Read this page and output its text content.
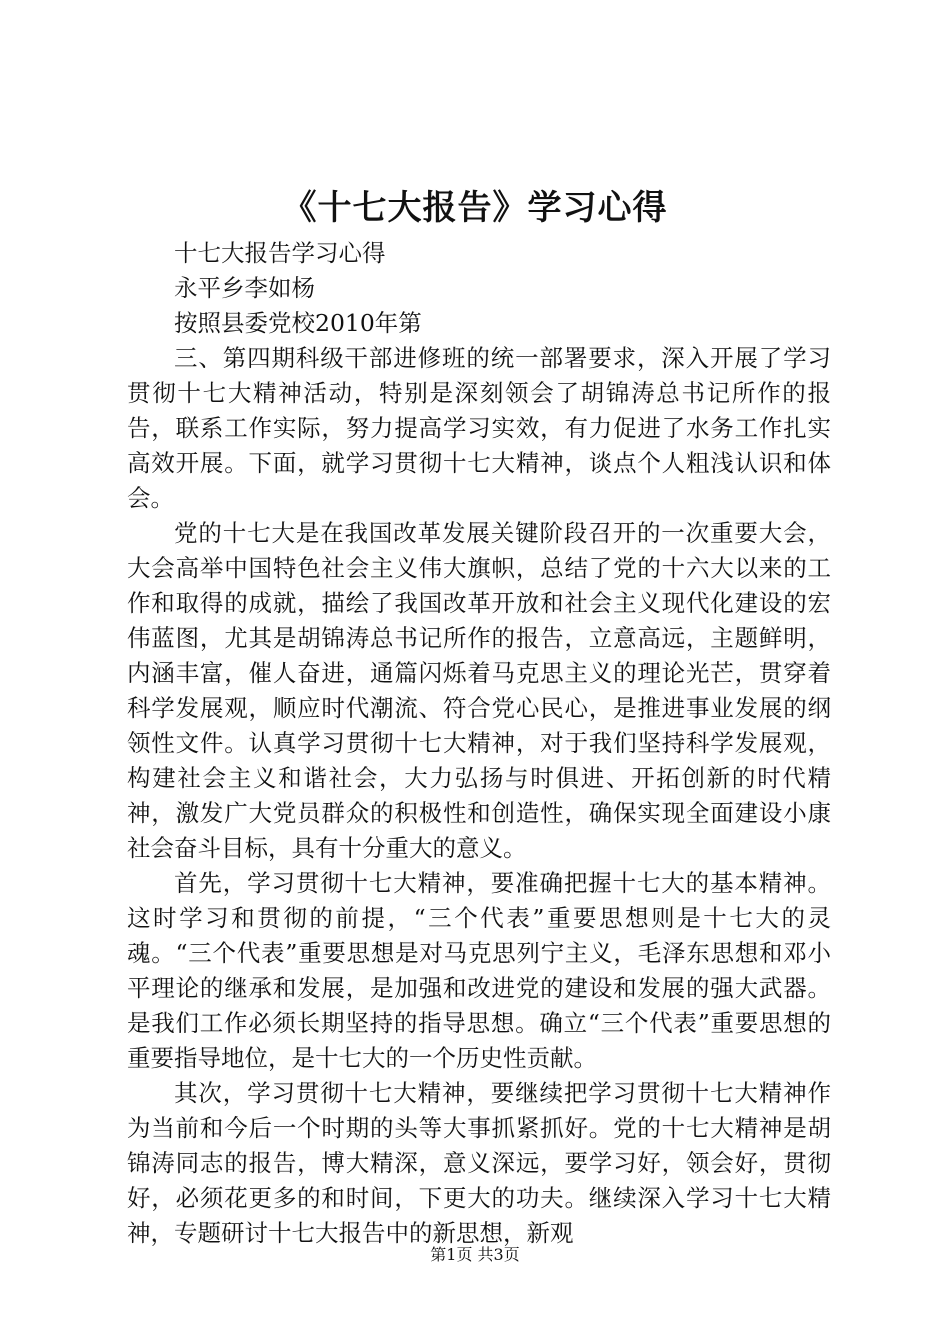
《十七大报告》学习心得

十七大报告学习心得

永平乡李如杨

按照县委党校2010年第

三、第四期科级干部进修班的统一部署要求，深入开展了学习贯彻十七大精神活动，特别是深刻领会了胡锦涛总书记所作的报告，联系工作实际，努力提高学习实效，有力促进了水务工作扎实高效开展。下面，就学习贯彻十七大精神，谈点个人粗浅认识和体会。

党的十七大是在我国改革发展关键阶段召开的一次重要大会，大会高举中国特色社会主义伟大旗帜，总结了党的十六大以来的工作和取得的成就，描绘了我国改革开放和社会主义现代化建设的宏伟蓝图，尤其是胡锦涛总书记所作的报告，立意高远，主题鲜明，内涵丰富，催人奋进，通篇闪烁着马克思主义的理论光芒，贯穿着科学发展观，顺应时代潮流、符合党心民心，是推进事业发展的纲领性文件。认真学习贯彻十七大精神，对于我们坚持科学发展观，构建社会主义和谐社会，大力弘扬与时俱进、开拓创新的时代精神，激发广大党员群众的积极性和创造性，确保实现全面建设小康社会奋斗目标，具有十分重大的意义。

首先，学习贯彻十七大精神，要准确把握十七大的基本精神。这时学习和贯彻的前提，“三个代表”重要思想则是十七大的灵魂。“三个代表”重要思想是对马克思列宁主义，毛泽东思想和邓小平理论的继承和发展，是加强和改进党的建设和发展的强大武器。是我们工作必须长期坚持的指导思想。确立“三个代表”重要思想的重要指导地位，是十七大的一个历史性贡献。

其次，学习贯彻十七大精神，要继续把学习贯彻十七大精神作为当前和今后一个时期的头等大事抓紧抓好。党的十七大精神是胡锦涛同志的报告，博大精深，意义深远，要学习好，领会好，贯彻好，必须花更多的和时间，下更大的功夫。继续深入学习十七大精神，专题研讨十七大报告中的新思想，新观

第1页 共3页
